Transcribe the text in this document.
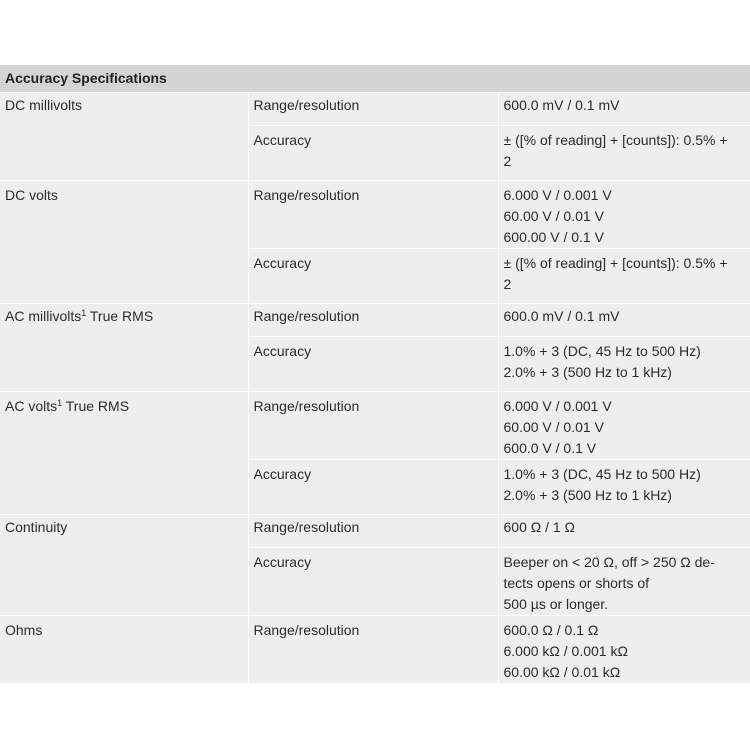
Accuracy Specifications
DC millivolts	Range/resolution	600.0 mV / 0.1 mV

	Accuracy	± ([% of reading] + [counts]): 0.5% +
2

DC volts	Range/resolution	6.000 V / 0.001 V
60.00 V / 0.01 V
600.00 V / 0.1 V

	Accuracy	± ([% of reading] + [counts]): 0.5% +
2

AC millivolts$^1$ True RMS	Range/resolution	600.0 mV / 0.1 mV

	Accuracy	1.0% + 3 (DC, 45 Hz to 500 Hz)
2.0% + 3 (500 Hz to 1 kHz)

AC volts$^1$ True RMS	Range/resolution	6.000 V / 0.001 V
60.00 V / 0.01 V
600.0 V / 0.1 V

	Accuracy	1.0% + 3 (DC, 45 Hz to 500 Hz)
2.0% + 3 (500 Hz to 1 kHz)

Continuity	Range/resolution	600 Ω / 1 Ω

	Accuracy	Beeper on < 20 Ω, off > 250 Ω de-
tects opens or shorts of
500 µs or longer.

Ohms	Range/resolution	600.0 Ω / 0.1 Ω
6.000 kΩ / 0.001 kΩ
60.00 kΩ / 0.01 kΩ
